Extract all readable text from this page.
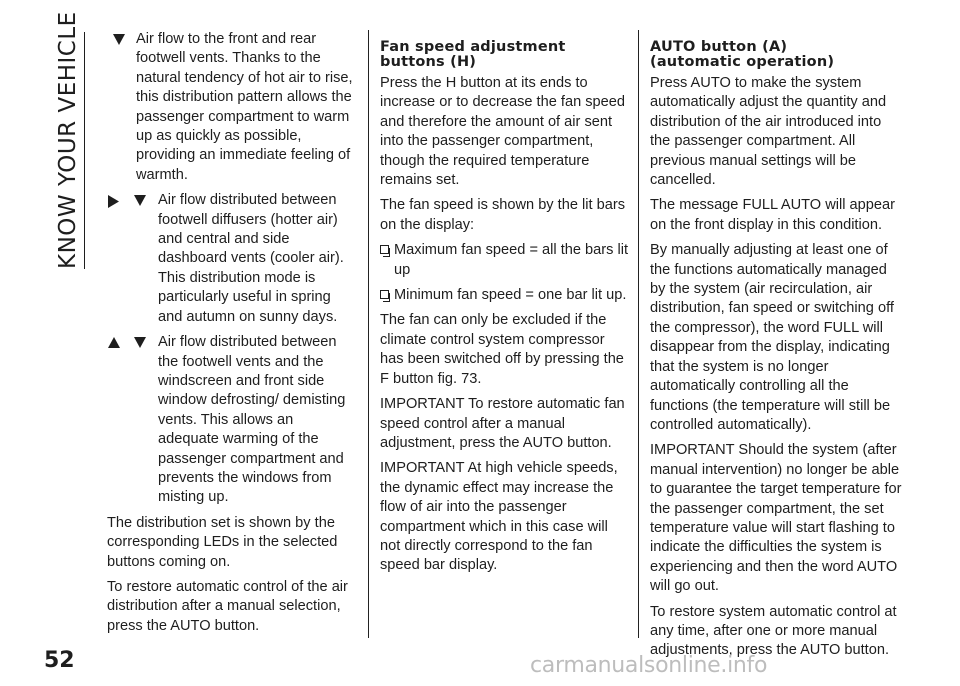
KNOW YOUR VEHICLE
52
Air flow to the front and rear footwell vents. Thanks to the natural tendency of hot air to rise, this distribution pattern allows the passenger compartment to warm up as quickly as possible, providing an immediate feeling of warmth.
Air flow distributed between footwell diffusers (hotter air) and central and side dashboard vents (cooler air). This distribution mode is particularly useful in spring and autumn on sunny days.
Air flow distributed between the footwell vents and the windscreen and front side window defrosting/ demisting vents. This allows an adequate warming of the passenger compartment and prevents the windows from misting up.

The distribution set is shown by the corresponding LEDs in the selected buttons coming on.

To restore automatic control of the air distribution after a manual selection, press the AUTO button.

Fan speed adjustment
buttons (H)

Press the H button at its ends to increase or to decrease the fan speed and therefore the amount of air sent into the passenger compartment, though the required temperature remains set.

The fan speed is shown by the lit bars on the display:

Maximum fan speed = all the bars lit up
Minimum fan speed = one bar lit up.

The fan can only be excluded if the climate control system compressor has been switched off by pressing the F button fig. 73.

IMPORTANT To restore automatic fan speed control after a manual adjustment, press the AUTO button.

IMPORTANT At high vehicle speeds, the dynamic effect may increase the flow of air into the passenger compartment which in this case will not directly correspond to the fan speed bar display.

AUTO button (A)
(automatic operation)

Press AUTO to make the system automatically adjust the quantity and distribution of the air introduced into the passenger compartment. All previous manual settings will be cancelled.

The message FULL AUTO will appear on the front display in this condition.

By manually adjusting at least one of the functions automatically managed by the system (air recirculation, air distribution, fan speed or switching off the compressor), the word FULL will disappear from the display, indicating that the system is no longer automatically controlling all the functions (the temperature will still be controlled automatically).

IMPORTANT Should the system (after manual intervention) no longer be able to guarantee the target temperature for the passenger compartment, the set temperature value will start flashing to indicate the difficulties the system is experiencing and then the word AUTO will go out.

To restore system automatic control at any time, after one or more manual adjustments, press the AUTO button.

carmanualsonline.info
